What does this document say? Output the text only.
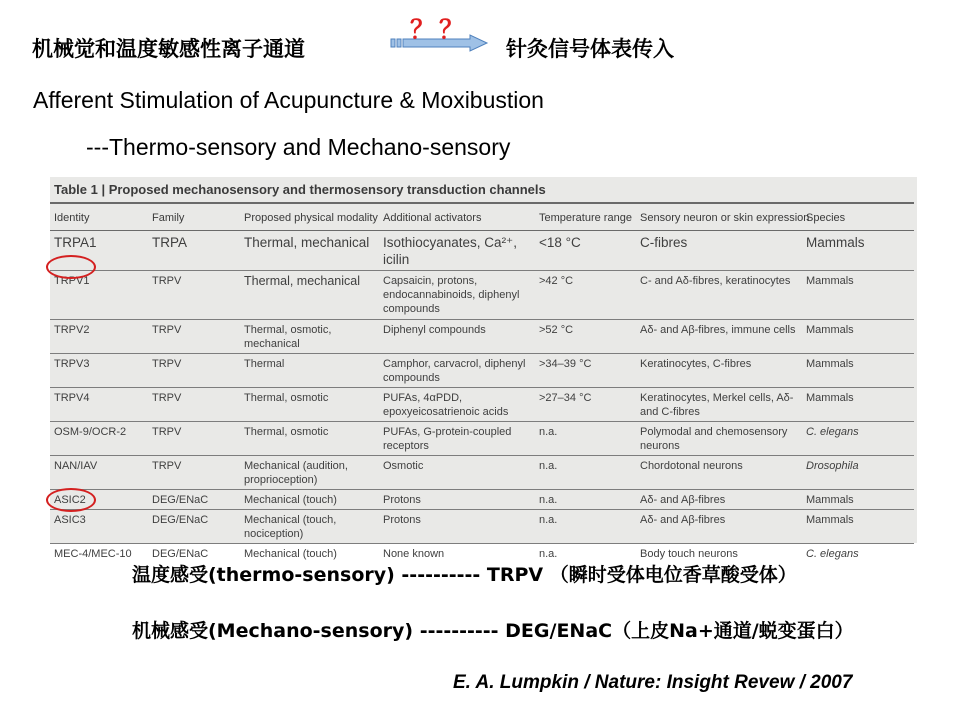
机械觉和温度敏感性离子通道
？？
针灸信号体表传入
Afferent Stimulation of Acupuncture & Moxibustion
---Thermo-sensory and Mechano-sensory
Table 1 | Proposed mechanosensory and thermosensory transduction channels
Identity	Family	Proposed physical modality	Additional activators	Temperature range	Sensory neuron or skin expression	Species
TRPA1	TRPA	Thermal, mechanical	Isothiocyanates, Ca²⁺, icilin	<18 °C	C-fibres	Mammals
TRPV1	TRPV	Thermal, mechanical	Capsaicin, protons, endocannabinoids, diphenyl compounds	>42 °C	C- and Aδ-fibres, keratinocytes	Mammals
TRPV2	TRPV	Thermal, osmotic, mechanical	Diphenyl compounds	>52 °C	Aδ- and Aβ-fibres, immune cells	Mammals
TRPV3	TRPV	Thermal	Camphor, carvacrol, diphenyl compounds	>34–39 °C	Keratinocytes, C-fibres	Mammals
TRPV4	TRPV	Thermal, osmotic	PUFAs, 4αPDD, epoxyeicosatrienoic acids	>27–34 °C	Keratinocytes, Merkel cells, Aδ- and C-fibres	Mammals
OSM-9/OCR-2	TRPV	Thermal, osmotic	PUFAs, G-protein-coupled receptors	n.a.	Polymodal and chemosensory neurons	C. elegans
NAN/IAV	TRPV	Mechanical (audition, proprioception)	Osmotic	n.a.	Chordotonal neurons	Drosophila
ASIC2	DEG/ENaC	Mechanical (touch)	Protons	n.a.	Aδ- and Aβ-fibres	Mammals
ASIC3	DEG/ENaC	Mechanical (touch, nociception)	Protons	n.a.	Aδ- and Aβ-fibres	Mammals
MEC-4/MEC-10	DEG/ENaC	Mechanical (touch)	None known	n.a.	Body touch neurons	C. elegans
温度感受(thermo-sensory) ---------- TRPV （瞬时受体电位香草酸受体）
机械感受(Mechano-sensory) ---------- DEG/ENaC（上皮Na+通道/蜕变蛋白）
E. A. Lumpkin / Nature: Insight Revew / 2007
